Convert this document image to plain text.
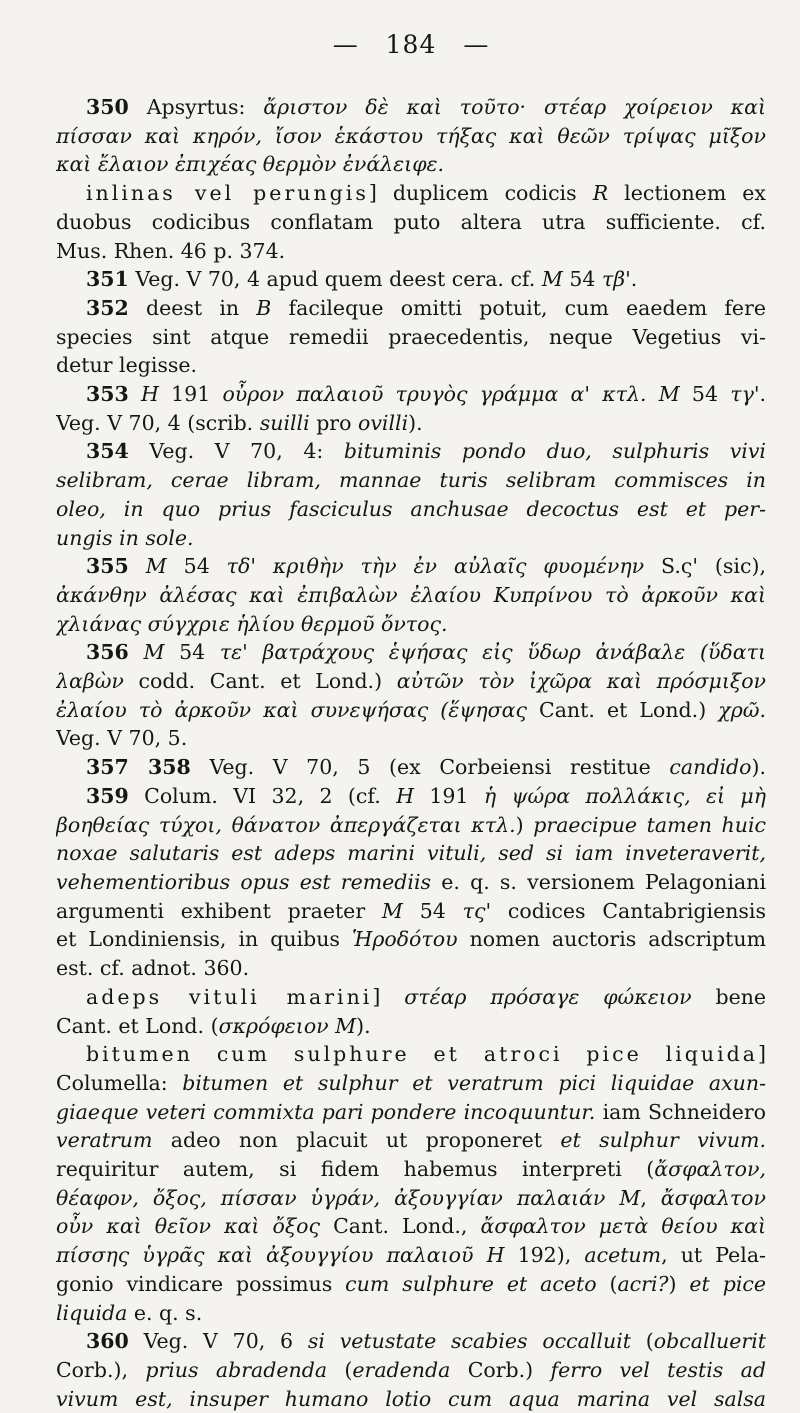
— 184 —
350 Apsyrtus: ἄριστον δὲ καὶ τοῦτο· στέαρ χοίρειον καὶ
πίσσαν καὶ κηρόν, ἴσον ἑκάστου τήξας καὶ θεῶν τρίψας μῖξον
καὶ ἔλαιον ἐπιχέας θερμὸν ἐνάλειφε.
inlinas vel perungis] duplicem codicis R lectionem ex
duobus codicibus conflatam puto altera utra sufficiente. cf.
Mus. Rhen. 46 p. 374.
351 Veg. V 70, 4 apud quem deest cera. cf. M 54 τβ'.
352 deest in B facileque omitti potuit, cum eaedem fere
species sint atque remedii praecedentis, neque Vegetius vi-
detur legisse.
353 H 191 οὖρον παλαιοῦ τρυγὸς γράμμα α' κτλ. M 54 τγ'.
Veg. V 70, 4 (scrib. suilli pro ovilli).
354 Veg. V 70, 4: bituminis pondo duo, sulphuris vivi
selibram, cerae libram, mannae turis selibram commisces in
oleo, in quo prius fasciculus anchusae decoctus est et per-
ungis in sole.
355 M 54 τδ' κριθὴν τὴν ἐν αὐλαῖς φυομένην S.ς' (sic),
ἀκάνθην ἀλέσας καὶ ἐπιβαλὼν ἐλαίου Κυπρίνου τὸ ἀρκοῦν καὶ
χλιάνας σύγχριε ἡλίου θερμοῦ ὄντος.
356 M 54 τε' βατράχους ἑψήσας εἰς ὕδωρ ἀνάβαλε (ὕδατι
λαβὼν codd. Cant. et Lond.) αὐτῶν τὸν ἰχῶρα καὶ πρόσμιξον
ἐλαίου τὸ ἀρκοῦν καὶ συνεψήσας (ἕψησας Cant. et Lond.) χρῶ.
Veg. V 70, 5.
357 358 Veg. V 70, 5 (ex Corbeiensi restitue candido).
359 Colum. VI 32, 2 (cf. H 191 ἡ ψώρα πολλάκις, εἰ μὴ
βοηθείας τύχοι, θάνατον ἀπεργάζεται κτλ.) praecipue tamen huic
noxae salutaris est adeps marini vituli, sed si iam inveteraverit,
vehementioribus opus est remediis e. q. s. versionem Pelagoniani
argumenti exhibent praeter M 54 τς' codices Cantabrigiensis
et Londiniensis, in quibus Ἡροδότου nomen auctoris adscriptum
est. cf. adnot. 360.
adeps vituli marini] στέαρ πρόσαγε φώκειον bene
Cant. et Lond. (σκρόφειον M).
bitumen cum sulphure et atroci pice liquida]
Columella: bitumen et sulphur et veratrum pici liquidae axun-
giaeque veteri commixta pari pondere incoquuntur. iam Schneidero
veratrum adeo non placuit ut proponeret et sulphur vivum.
requiritur autem, si fidem habemus interpreti (ἄσφαλτον,
θέαφον, ὄξος, πίσσαν ὑγράν, ἀξουγγίαν παλαιάν M, ἄσφαλτον
οὖν καὶ θεῖον καὶ ὄξος Cant. Lond., ἄσφαλτον μετὰ θείου καὶ
πίσσης ὑγρᾶς καὶ ἀξουγγίου παλαιοῦ H 192), acetum, ut Pela-
gonio vindicare possimus cum sulphure et aceto (acri?) et pice
liquida e. q. s.
360 Veg. V 70, 6 si vetustate scabies occalluit (obcalluerit
Corb.), prius abradenda (eradenda Corb.) ferro vel testis ad
vivum est, insuper humano lotio cum aqua marina vel salsa
